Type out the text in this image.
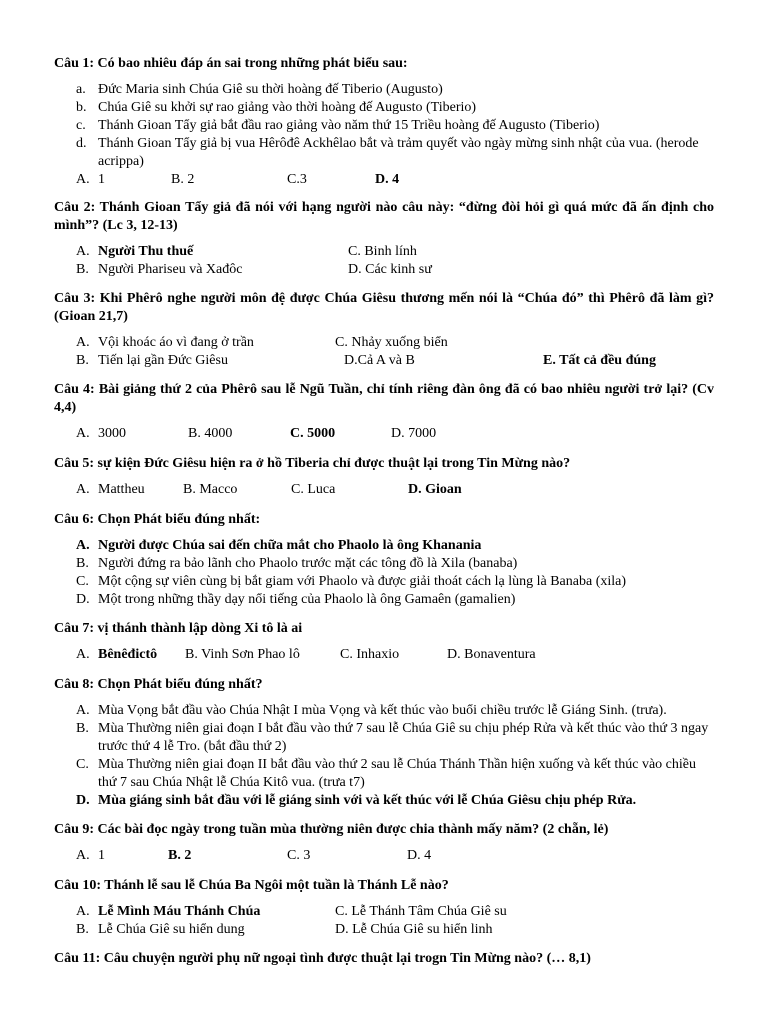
Câu 1: Có bao nhiêu đáp án sai trong những phát biểu sau:

a. Đức Maria sinh Chúa Giê su thời hoàng đế Tiberio (Augusto)
b. Chúa Giê su khởi sự rao giảng vào thời hoàng đế Augusto (Tiberio)
c. Thánh Gioan Tẩy giả bắt đầu rao giảng vào năm thứ 15 Triều hoàng đế Augusto (Tiberio)
d. Thánh Gioan Tẩy giả bị vua Hêrôđê Ackhêlao bắt và trảm quyết vào ngày mừng sinh nhật của vua. (herode acrippa)
A. 1	B. 2	C.3	D. 4

Câu 2: Thánh Gioan Tẩy giả đã nói với hạng người nào câu này: “đừng đòi hỏi gì quá mức đã ấn định cho mình”? (Lc 3, 12-13)

A. Người Thu thuế	C. Binh lính
B. Người Phariseu và Xađôc	D. Các kinh sư

Câu 3: Khi Phêrô nghe người môn đệ được Chúa Giêsu thương mến nói là “Chúa đó” thì Phêrô đã làm gì? (Gioan 21,7)

A. Vội khoác áo vì đang ở trần	C. Nhảy xuống biển
B. Tiến lại gần Đức Giêsu	D.Cả A và B	E. Tất cả đều đúng

Câu 4: Bài giảng thứ 2 của Phêrô sau lễ Ngũ Tuần, chỉ tính riêng đàn ông đã có bao nhiêu người trở lại? (Cv 4,4)

A. 3000	B. 4000	C. 5000	D. 7000

Câu 5: sự kiện Đức Giêsu hiện ra ở hồ Tiberia chỉ được thuật lại trong Tin Mừng nào?

A. Mattheu	B. Macco	C. Luca	D. Gioan

Câu 6: Chọn Phát biểu đúng nhất:

A. Người được Chúa sai đến chữa mắt cho Phaolo là ông Khanania
B. Người đứng ra bảo lãnh cho Phaolo trước mặt các tông đồ là Xila (banaba)
C. Một cộng sự viên cùng bị bắt giam với Phaolo và được giải thoát cách lạ lùng là Banaba (xila)
D. Một trong những thầy dạy nổi tiếng của Phaolo là ông Gamaên (gamalien)

Câu 7: vị thánh thành lập dòng Xi tô là ai

A. Bênêđictô B. Vinh Sơn Phao lô	C. Inhaxio	D. Bonaventura

Câu 8: Chọn Phát biểu đúng nhất?

A. Mùa Vọng bắt đầu vào Chúa Nhật I mùa Vọng và kết thúc vào buổi chiều trước lễ Giáng Sinh. (trưa).
B. Mùa Thường niên giai đoạn I bắt đầu vào thứ 7 sau lễ Chúa Giê su chịu phép Rửa và kết thúc vào thứ 3 ngay trước thứ 4 lễ Tro. (bắt đầu thứ 2)
C. Mùa Thường niên giai đoạn II bắt đầu vào thứ 2 sau lễ Chúa Thánh Thần hiện xuống và kết thúc vào chiều thứ 7 sau Chúa Nhật lễ Chúa Kitô vua. (trưa t7)
D. Mùa giáng sinh bắt đầu với lễ giáng sinh với và kết thúc với lễ Chúa Giêsu chịu phép Rửa.

Câu 9: Các bài đọc ngày trong tuần mùa thường niên được chia thành mấy năm? (2 chẵn, lẻ)

A. 1	B. 2	C. 3	D. 4

Câu 10: Thánh lễ sau lễ Chúa Ba Ngôi một tuần là Thánh Lễ nào?

A. Lễ Mình Máu Thánh Chúa	C. Lễ Thánh Tâm Chúa Giê su
B. Lễ Chúa Giê su hiển dung	D. Lễ Chúa Giê su hiển linh

Câu 11: Câu chuyện người phụ nữ ngoại tình được thuật lại trogn Tin Mừng nào? (… 8,1)
